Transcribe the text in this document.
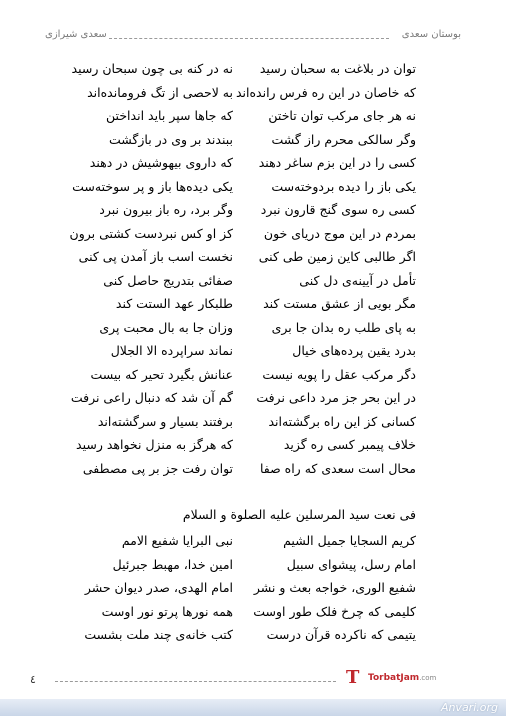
بوستان سعدی
سعدی شیرازی
توان در بلاغت به سحبان رسید
نه در کنه بی چون سبحان رسید
که خاصان در این ره فرس رانده‌اند
به لاحصی از تگ فرومانده‌اند
نه هر جای مرکب توان تاختن
که جاها سپر باید انداختن
وگر سالکی محرم راز گشت
ببندند بر وی در بازگشت
کسی را در این بزم ساغر دهند
که داروی بیهوشیش در دهند
یکی باز را دیده بردوخته‌ست
یکی دیده‌ها باز و پر سوخته‌ست
کسی ره سوی گنج قارون نبرد
وگر برد، ره باز بیرون نبرد
بمردم در این موج دریای خون
کز او کس نبردست کشتی برون
اگر طالبی کاین زمین طی کنی
نخست اسب باز آمدن پی کنی
تأمل در آیینه‌ی دل کنی
صفائی بتدریج حاصل کنی
مگر بویی از عشق مستت کند
طلبکار عهد الستت کند
به پای طلب ره بدان جا بری
وزان جا به بال محبت پری
بدرد یقین پرده‌های خیال
نماند سراپرده الا الجلال
دگر مرکب عقل را پویه نیست
عنانش بگیرد تحیر که بیست
در این بحر جز مرد داعی نرفت
گم آن شد که دنبال راعی نرفت
کسانی کز این راه برگشته‌اند
برفتند بسیار و سرگشته‌اند
خلاف پیمبر کسی ره گزید
که هرگز به منزل نخواهد رسید
محال است سعدی که راه صفا
توان رفت جز بر پی مصطفی
فی نعت سید المرسلین علیه الصلوة و السلام
کریم السجایا جمیل الشیم
نبی البرایا شفیع الامم
امام رسل، پیشوای سبیل
امین خدا، مهبط جبرئیل
شفیع الوری، خواجه بعث و نشر
امام الهدی، صدر دیوان حشر
کلیمی که چرخ فلک طور اوست
همه نورها پرتو نور اوست
یتیمی که ناکرده قرآن درست
کتب خانه‌ی چند ملت بشست
٤	𝐓 TorbatJam.com
Anvari.org
